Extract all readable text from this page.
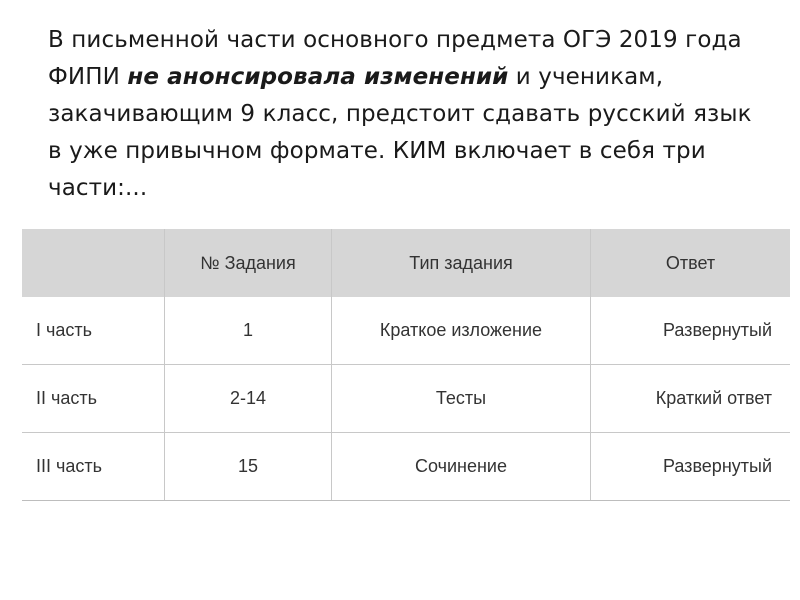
В письменной части основного предмета ОГЭ 2019 года ФИПИ не анонсировала изменений и ученикам, закачивающим 9 класс, предстоит сдавать русский язык в уже привычном формате. КИМ включает в себя три части:...
	№ Задания	Тип задания	Ответ
I часть	1	Краткое изложение	Развернутый
II часть	2-14	Тесты	Краткий ответ
III часть	15	Сочинение	Развернутый
